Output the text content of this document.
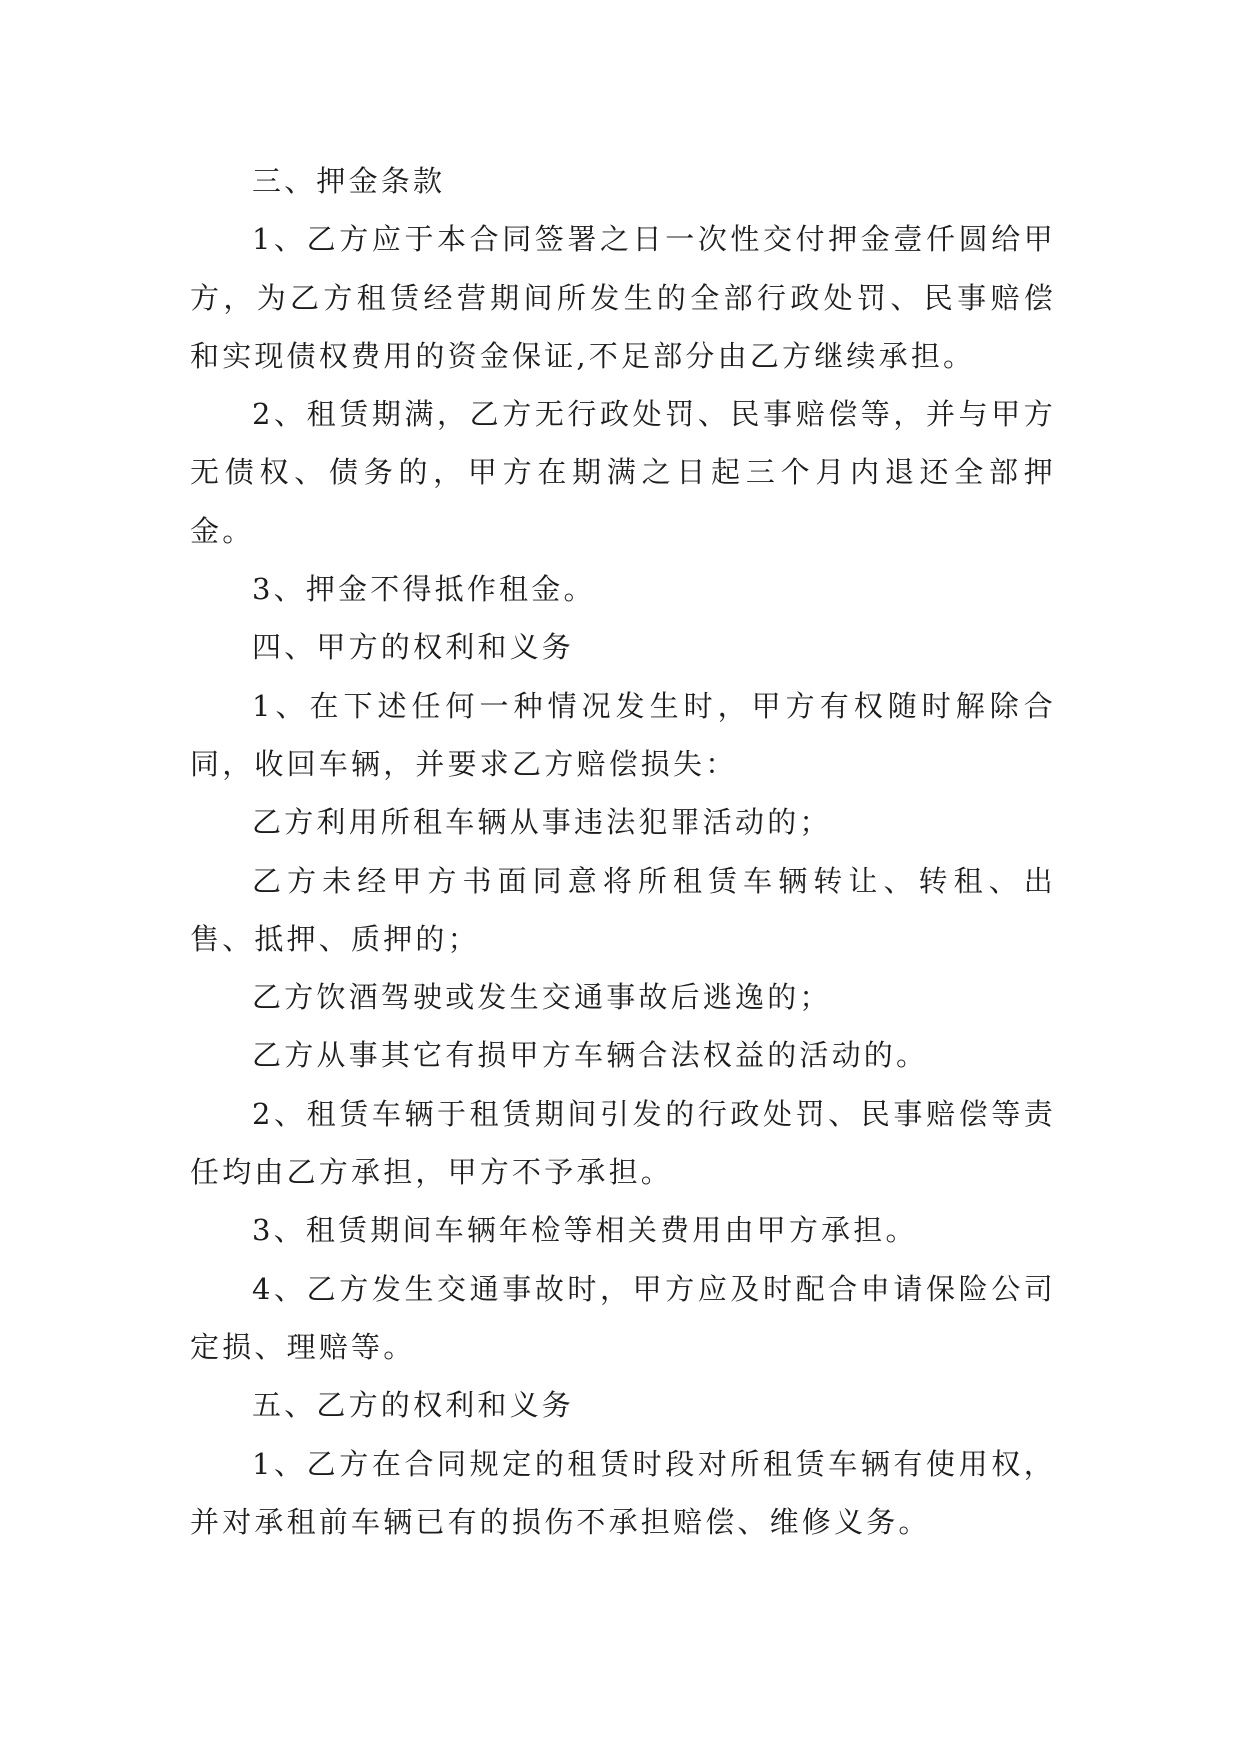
三、押金条款

1、乙方应于本合同签署之日一次性交付押金壹仟圆给甲方，为乙方租赁经营期间所发生的全部行政处罚、民事赔偿和实现债权费用的资金保证,不足部分由乙方继续承担。

2、租赁期满，乙方无行政处罚、民事赔偿等，并与甲方无债权、债务的，甲方在期满之日起三个月内退还全部押金。

3、押金不得抵作租金。

四、甲方的权利和义务

1、在下述任何一种情况发生时，甲方有权随时解除合同，收回车辆，并要求乙方赔偿损失：

乙方利用所租车辆从事违法犯罪活动的；

乙方未经甲方书面同意将所租赁车辆转让、转租、出售、抵押、质押的；

乙方饮酒驾驶或发生交通事故后逃逸的；

乙方从事其它有损甲方车辆合法权益的活动的。

2、租赁车辆于租赁期间引发的行政处罚、民事赔偿等责任均由乙方承担，甲方不予承担。

3、租赁期间车辆年检等相关费用由甲方承担。

4、乙方发生交通事故时，甲方应及时配合申请保险公司定损、理赔等。

五、乙方的权利和义务

1、乙方在合同规定的租赁时段对所租赁车辆有使用权，并对承租前车辆已有的损伤不承担赔偿、维修义务。
